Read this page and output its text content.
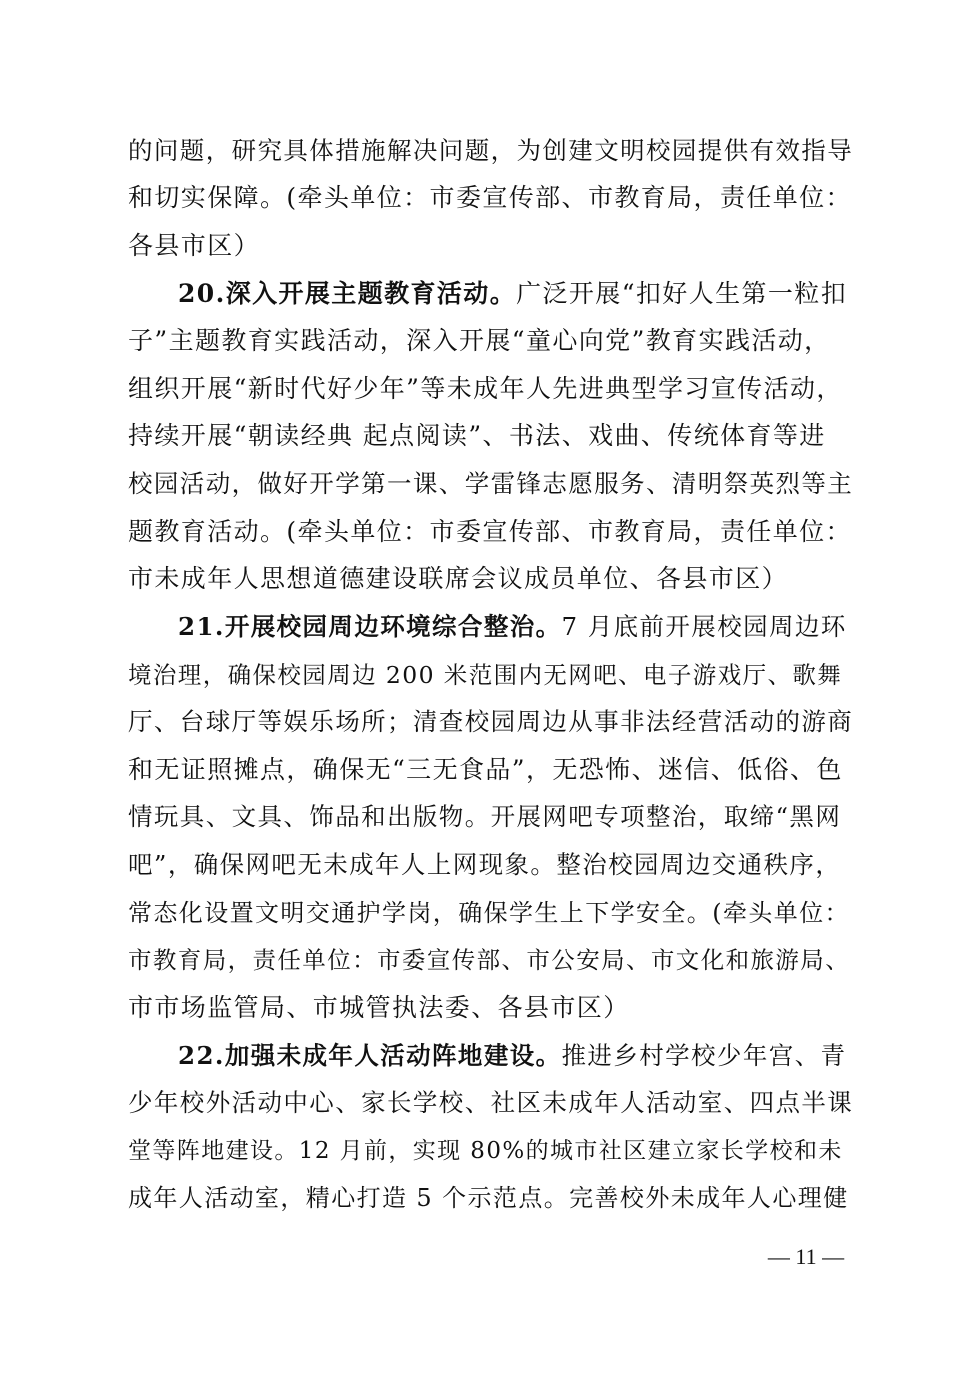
的问题，研究具体措施解决问题，为创建文明校园提供有效指导
和切实保障。(牵头单位：市委宣传部、市教育局，责任单位：
各县市区）
20.深入开展主题教育活动。广泛开展“扣好人生第一粒扣
子”主题教育实践活动，深入开展“童心向党”教育实践活动，
组织开展“新时代好少年”等未成年人先进典型学习宣传活动，
持续开展“朝读经典 起点阅读”、书法、戏曲、传统体育等进
校园活动，做好开学第一课、学雷锋志愿服务、清明祭英烈等主
题教育活动。(牵头单位：市委宣传部、市教育局，责任单位：
市未成年人思想道德建设联席会议成员单位、各县市区）
21.开展校园周边环境综合整治。7 月底前开展校园周边环
境治理，确保校园周边 200 米范围内无网吧、电子游戏厅、歌舞
厅、台球厅等娱乐场所；清查校园周边从事非法经营活动的游商
和无证照摊点，确保无“三无食品”，无恐怖、迷信、低俗、色
情玩具、文具、饰品和出版物。开展网吧专项整治，取缔“黑网
吧”，确保网吧无未成年人上网现象。整治校园周边交通秩序，
常态化设置文明交通护学岗，确保学生上下学安全。(牵头单位：
市教育局，责任单位：市委宣传部、市公安局、市文化和旅游局、
市市场监管局、市城管执法委、各县市区）
22.加强未成年人活动阵地建设。推进乡村学校少年宫、青
少年校外活动中心、家长学校、社区未成年人活动室、四点半课
堂等阵地建设。12 月前，实现 80%的城市社区建立家长学校和未
成年人活动室，精心打造 5 个示范点。完善校外未成年人心理健
— 11 —
